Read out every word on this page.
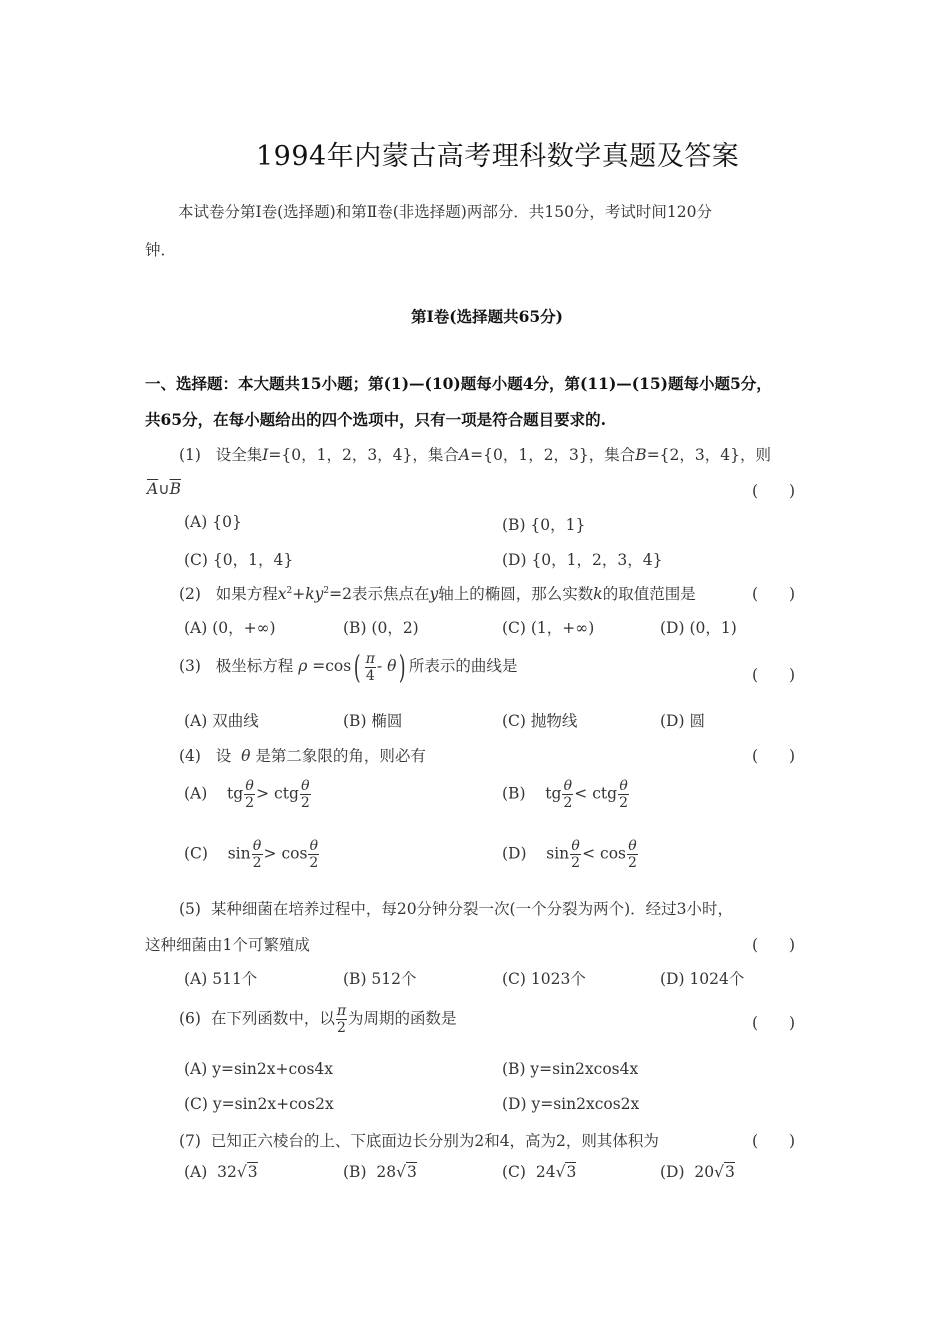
1994年内蒙古高考理科数学真题及答案
本试卷分第Ⅰ卷(选择题)和第Ⅱ卷(非选择题)两部分．共150分，考试时间120分
钟．
第Ⅰ卷(选择题共65分)
一、选择题：本大题共15小题；第(1)—(10)题每小题4分，第(11)—(15)题每小题5分，
共65分，在每小题给出的四个选项中，只有一项是符合题目要求的.
(1) 设全集I={0，1，2，3，4}，集合A={0，1，2，3}，集合B={2，3，4}，则
$\overline{A}\cup\overline{B}$	(　　)
(A) {0}	(B) {0，1}
(C) {0，1，4}	(D) {0，1，2，3，4}
(2) 如果方程$x^2+ky^2=2$表示焦点在y轴上的椭圆，那么实数k的取值范围是	(　　)
(A) (0，+∞)	(B) (0，2)	(C) (1，+∞)	(D) (0，1)
(3) 极坐标方程 $\rho =\cos( \frac{\pi}{4} - \theta)$ 所表示的曲线是	(　　)
(A) 双曲线	(B) 椭圆	(C) 抛物线	(D) 圆
(4) 设 θ 是第二象限的角，则必有	(　　)
(A) tg $\frac{\theta}{2}$ > ctg $\frac{\theta}{2}$	(B) tg $\frac{\theta}{2}$ < ctg $\frac{\theta}{2}$
(C) $\sin \frac{\theta}{2} > \cos \frac{\theta}{2}$	(D) $\sin \frac{\theta}{2} < \cos \frac{\theta}{2}$
(5) 某种细菌在培养过程中，每20分钟分裂一次(一个分裂为两个)．经过3小时，
这种细菌由1个可繁殖成	(　　)
(A) 511个	(B) 512个	(C) 1023个	(D) 1024个
(6) 在下列函数中，以 $\frac{\pi}{2}$ 为周期的函数是	(　　)
(A) y=sin2x+cos4x	(B) y=sin2xcos4x
(C) y=sin2x+cos2x	(D) y=sin2xcos2x
(7) 已知正六棱台的上、下底面边长分别为2和4，高为2，则其体积为	(　　)
(A) 32√3	(B) 28√3	(C) 24√3	(D) 20√3
